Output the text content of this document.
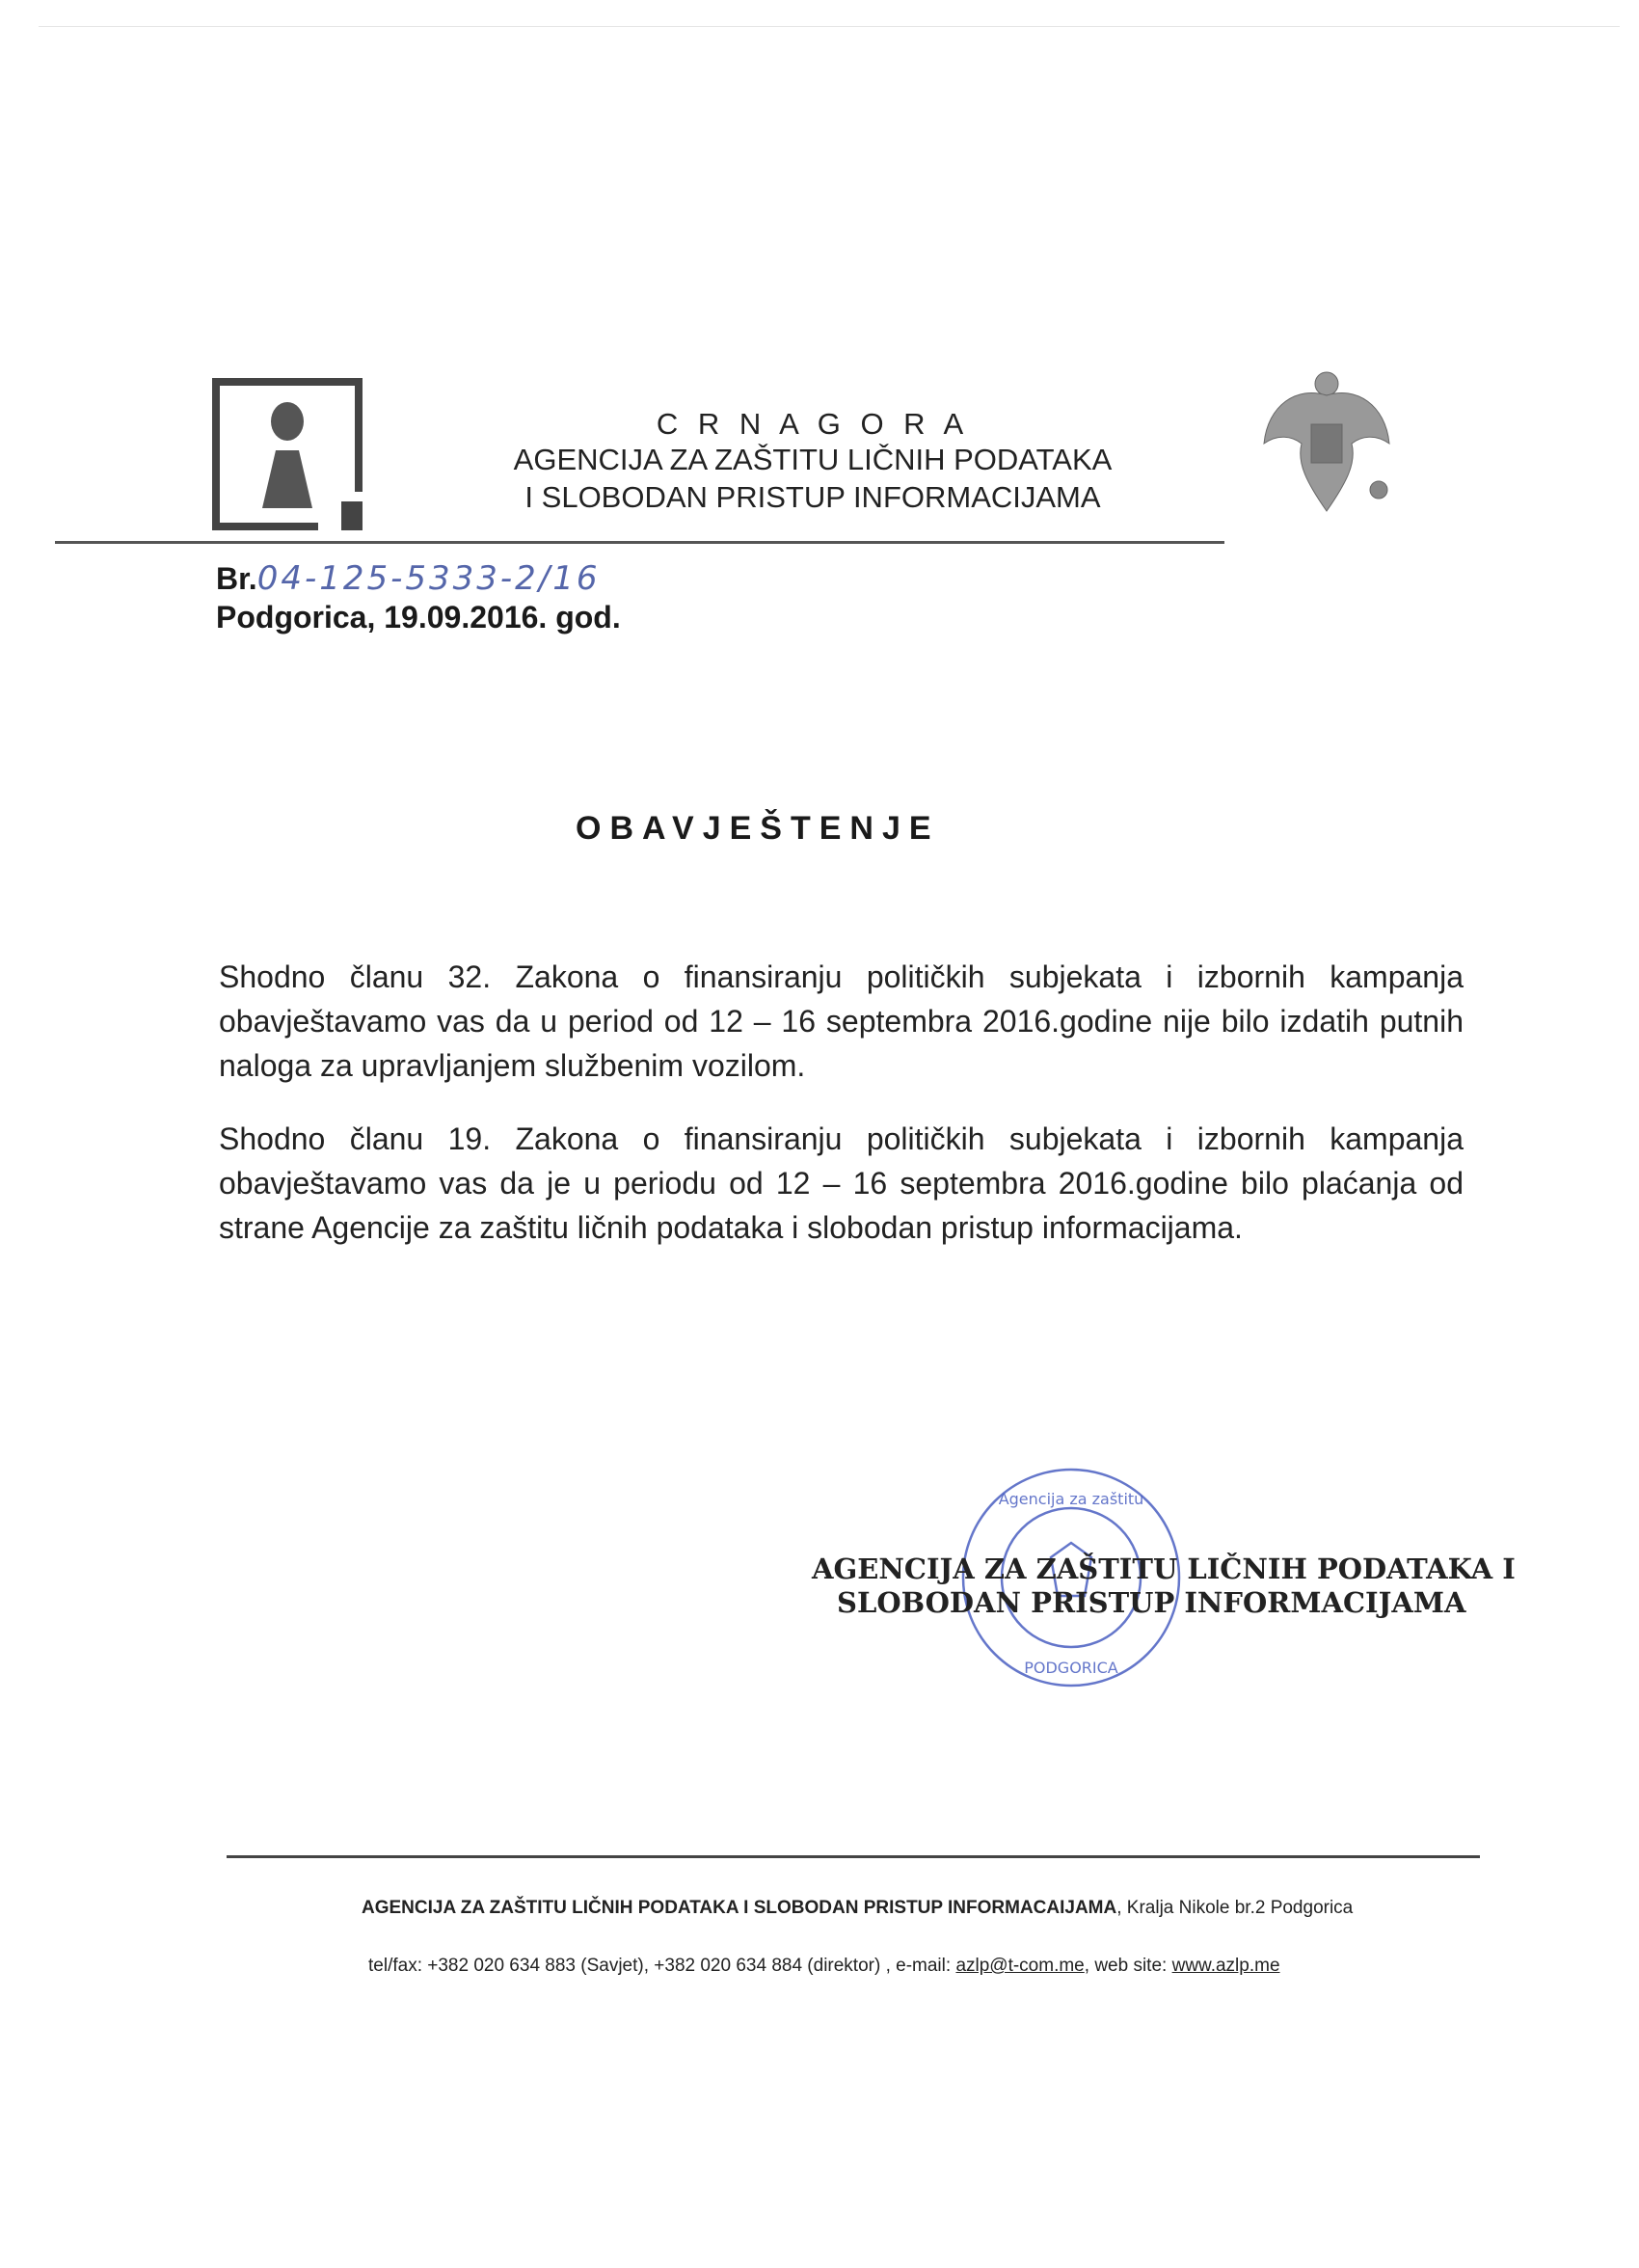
C R N A G O R A
AGENCIJA ZA ZAŠTITU LIČNIH PODATAKA
I SLOBODAN PRISTUP INFORMACIJAMA
Br.04-125-5333-2/16
Podgorica, 19.09.2016. god.
OBAVJEŠTENJE
Shodno članu 32. Zakona o finansiranju političkih subjekata i izbornih kampanja obavještavamo vas da u period od 12 – 16 septembra 2016.godine nije bilo izdatih putnih naloga za upravljanjem službenim vozilom.
Shodno članu 19. Zakona o finansiranju političkih subjekata i izbornih kampanja obavještavamo vas da je u periodu od 12 – 16 septembra 2016.godine bilo plaćanja od strane Agencije za zaštitu ličnih podataka i slobodan pristup informacijama.
Agencija za zaštitu
PODGORICA
AGENCIJA ZA ZAŠTITU LIČNIH PODATAKA I
SLOBODAN PRISTUP INFORMACIJAMA
AGENCIJA ZA ZAŠTITU LIČNIH PODATAKA I SLOBODAN PRISTUP INFORMACAIJAMA, Kralja Nikole br.2 Podgorica
tel/fax: +382 020 634 883 (Savjet), +382 020 634 884 (direktor) , e-mail: azlp@t-com.me, web site: www.azlp.me
